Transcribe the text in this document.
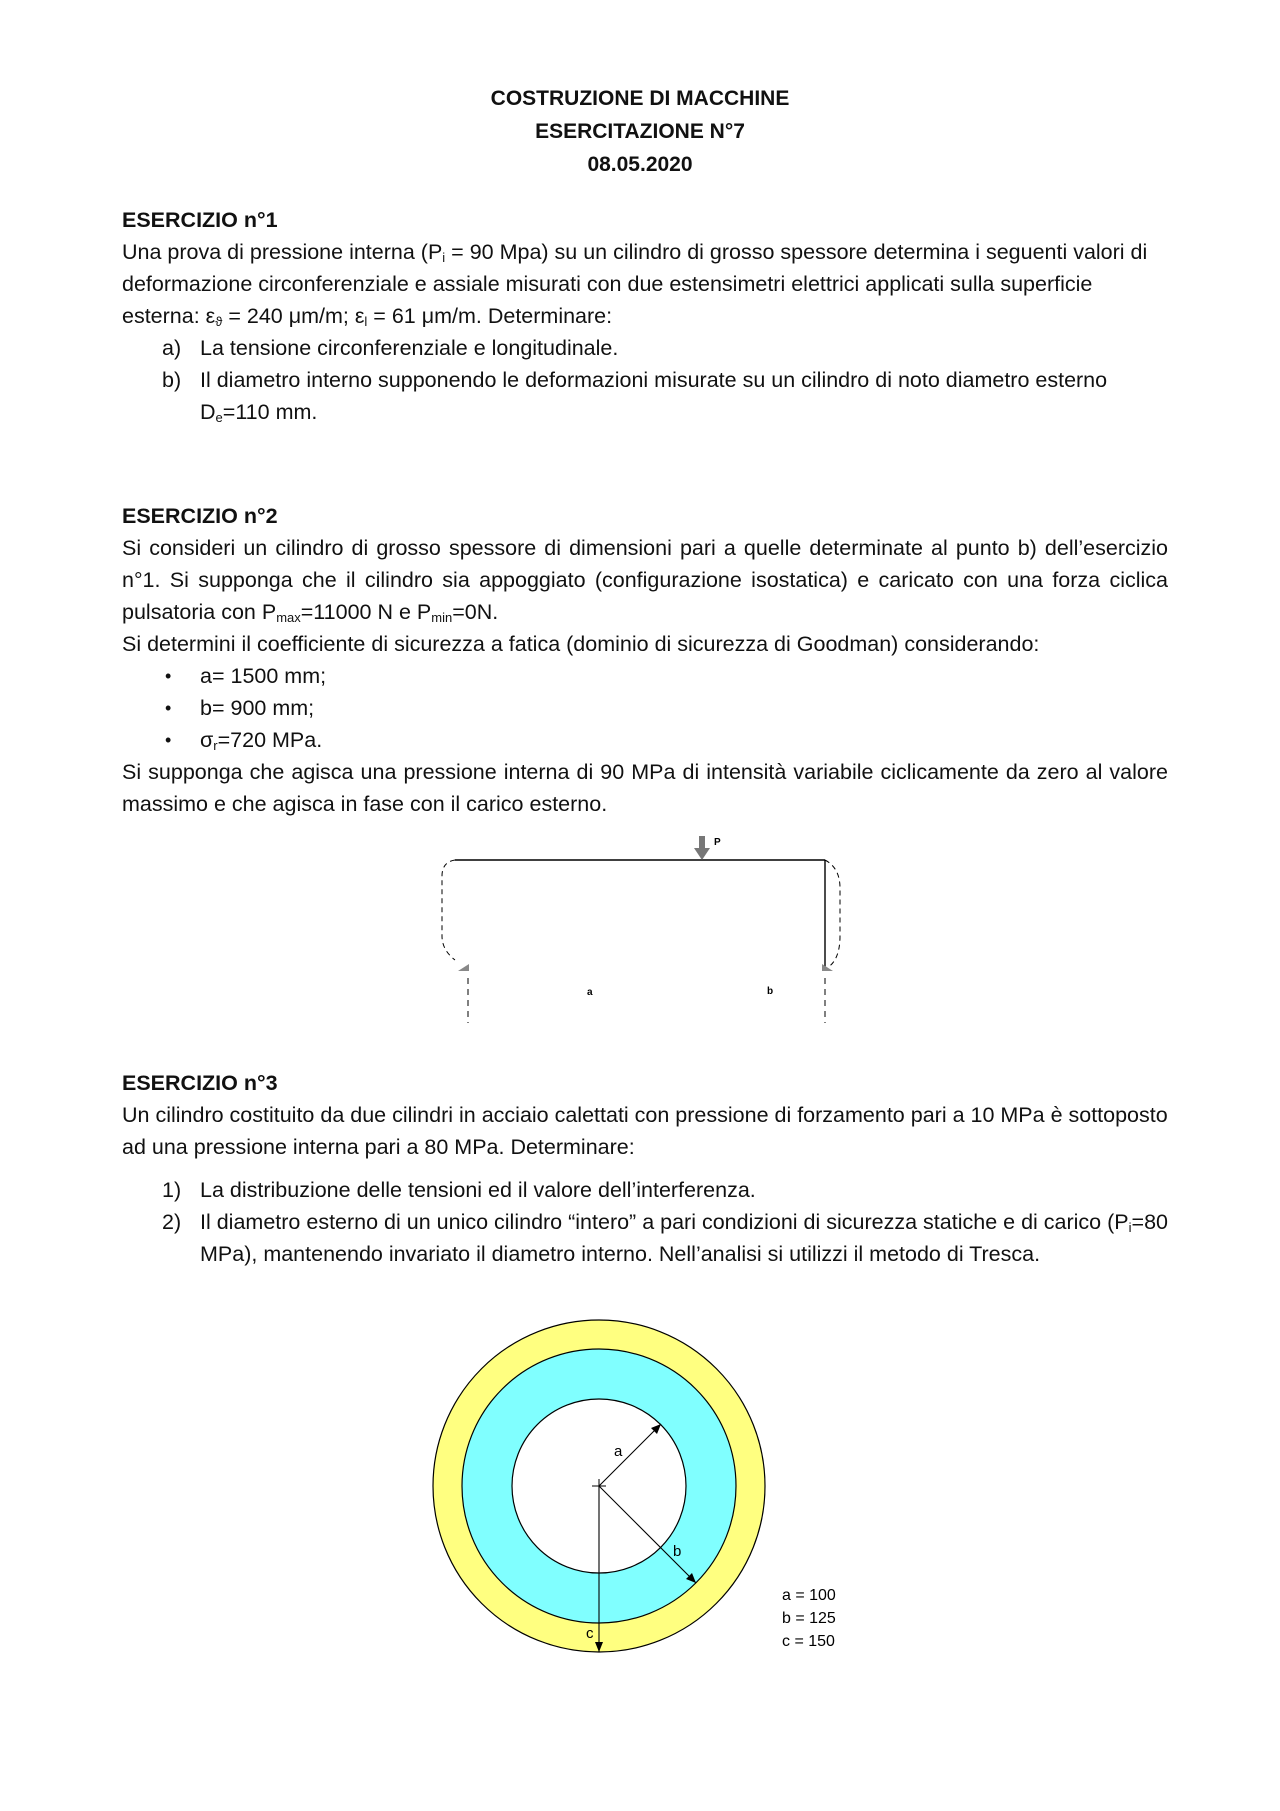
COSTRUZIONE DI MACCHINE
ESERCITAZIONE N°7
08.05.2020
ESERCIZIO n°1
Una prova di pressione interna ($P_i = 90$ Mpa) su un cilindro di grosso spessore determina i seguenti valori di deformazione circonferenziale e assiale misurati con due estensimetri elettrici applicati sulla superficie esterna: $\varepsilon_ϑ = 240$ μm/m; $\varepsilon_l = 61$ μm/m. Determinare:
a) La tensione circonferenziale e longitudinale.
b) Il diametro interno supponendo le deformazioni misurate su un cilindro di noto diametro esterno $D_e=110$ mm.
ESERCIZIO n°2
Si consideri un cilindro di grosso spessore di dimensioni pari a quelle determinate al punto b) dell’esercizio n°1. Si supponga che il cilindro sia appoggiato (configurazione isostatica) e caricato con una forza ciclica pulsatoria con $P_{max}=11000$ N e $P_{min}=0N$.
Si determini il coefficiente di sicurezza a fatica (dominio di sicurezza di Goodman) considerando:
• a= 1500 mm;
• b= 900 mm;
• $\sigma_r=720$ MPa.
Si supponga che agisca una pressione interna di 90 MPa di intensità variabile ciclicamente da zero al valore massimo e che agisca in fase con il carico esterno.
P
a	b
ESERCIZIO n°3
Un cilindro costituito da due cilindri in acciaio calettati con pressione di forzamento pari a 10 MPa è sottoposto ad una pressione interna pari a 80 MPa. Determinare:
1) La distribuzione delle tensioni ed il valore dell’interferenza.
2) Il diametro esterno di un unico cilindro “intero” a pari condizioni di sicurezza statiche e di carico ($P_i=80$ MPa), mantenendo invariato il diametro interno. Nell’analisi si utilizzi il metodo di Tresca.
a
b
c
a = 100
b = 125
c = 150
